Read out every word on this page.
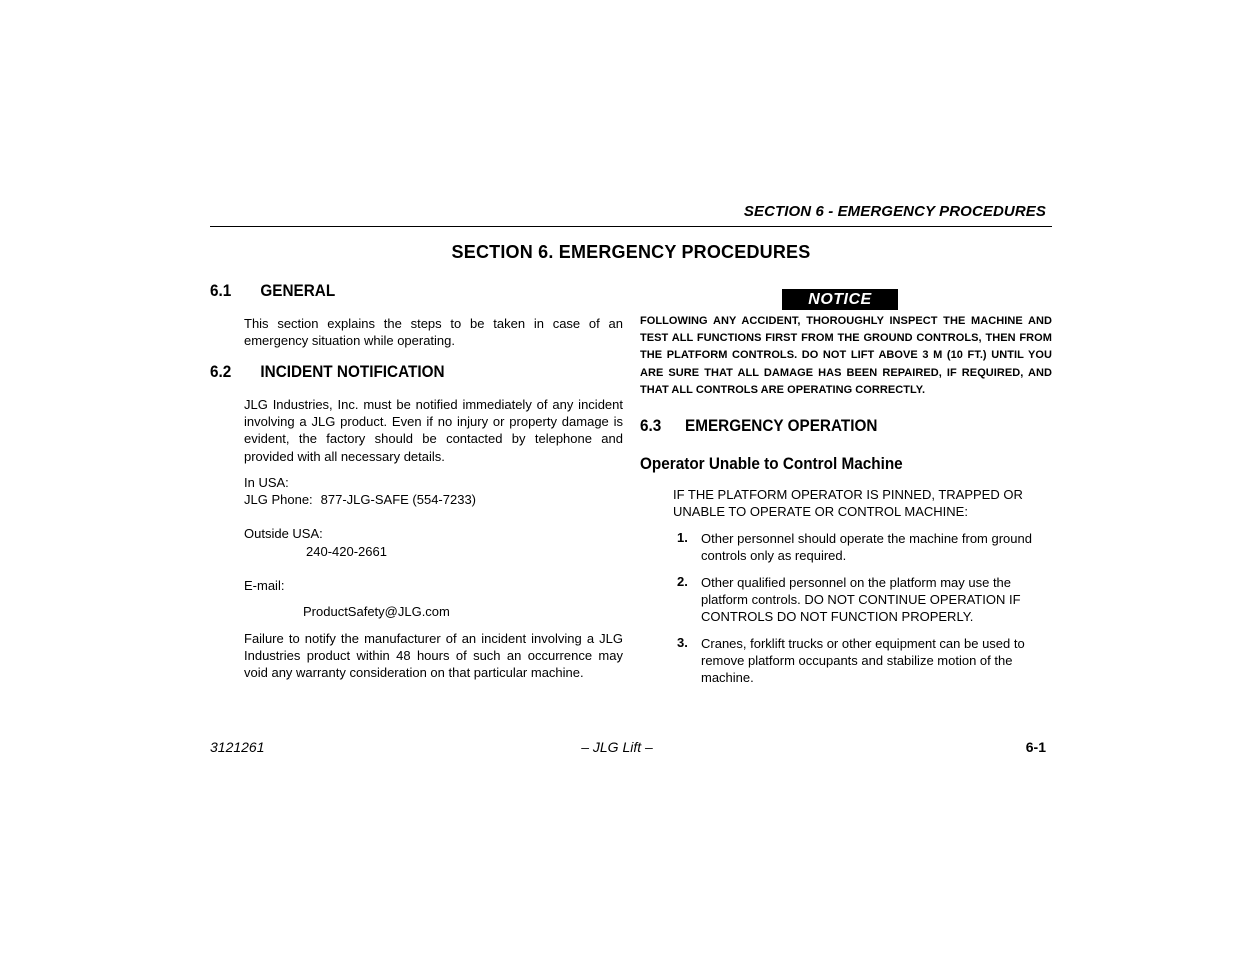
SECTION 6 - EMERGENCY PROCEDURES
SECTION 6. EMERGENCY PROCEDURES
6.1 GENERAL
This section explains the steps to be taken in case of an emergency situation while operating.
6.2 INCIDENT NOTIFICATION
JLG Industries, Inc. must be notified immediately of any incident involving a JLG product. Even if no injury or property damage is evident, the factory should be contacted by telephone and provided with all necessary details.
In USA:
JLG Phone: 877-JLG-SAFE (554-7233)
Outside USA:
240-420-2661
E-mail:
ProductSafety@JLG.com
Failure to notify the manufacturer of an incident involving a JLG Industries product within 48 hours of such an occurrence may void any warranty consideration on that particular machine.
NOTICE
FOLLOWING ANY ACCIDENT, THOROUGHLY INSPECT THE MACHINE AND TEST ALL FUNCTIONS FIRST FROM THE GROUND CONTROLS, THEN FROM THE PLATFORM CONTROLS. DO NOT LIFT ABOVE 3 M (10 FT.) UNTIL YOU ARE SURE THAT ALL DAMAGE HAS BEEN REPAIRED, IF REQUIRED, AND THAT ALL CONTROLS ARE OPERATING CORRECTLY.
6.3 EMERGENCY OPERATION
Operator Unable to Control Machine
IF THE PLATFORM OPERATOR IS PINNED, TRAPPED OR UNABLE TO OPERATE OR CONTROL MACHINE:
1. Other personnel should operate the machine from ground controls only as required.
2. Other qualified personnel on the platform may use the platform controls. DO NOT CONTINUE OPERATION IF CONTROLS DO NOT FUNCTION PROPERLY.
3. Cranes, forklift trucks or other equipment can be used to remove platform occupants and stabilize motion of the machine.
3121261	– JLG Lift –	6-1
